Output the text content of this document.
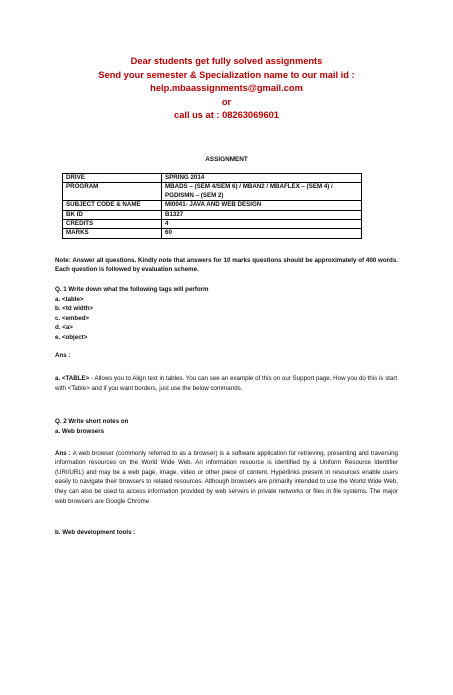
Dear students get fully solved assignments
Send your semester & Specialization name to our mail id :
help.mbaassignments@gmail.com
or
call us at : 08263069601
ASSIGNMENT
DRIVE	SPRING 2014
PROGRAM	MBADS – (SEM 4/SEM 6) / MBAN2 / MBAFLEX – (SEM 4) / PGDISMN – (SEM 2)
SUBJECT CODE & NAME	MI0041- JAVA AND WEB DESIGN
BK ID	B1327
CREDITS	4
MARKS	60

Note: Answer all questions. Kindly note that answers for 10 marks questions should be approximately of 400 words. Each question is followed by evaluation scheme.

Q. 1 Write down what the following tags will perform

a. <table>

b. <td width>

c. <embed>

d. <a>

e. <object>

Ans :

a. <TABLE> - Allows you to Align text in tables. You can see an example of this on our Support page. How you do this is start with <Table> and if you want borders, just use the below commands.

Q. 2 Write short notes on

a. Web browsers

Ans : A web browser (commonly referred to as a browser) is a software application for retrieving, presenting and traversing information resources on the World Wide Web. An information resource is identified by a Uniform Resource Identifier (URI/URL) and may be a web page, image, video or other piece of content. Hyperlinks present in resources enable users easily to navigate their browsers to related resources. Although browsers are primarily intended to use the World Wide Web, they can also be used to access information provided by web servers in private networks or files in file systems. The major web browsers are Google Chrome

b. Web development tools :
